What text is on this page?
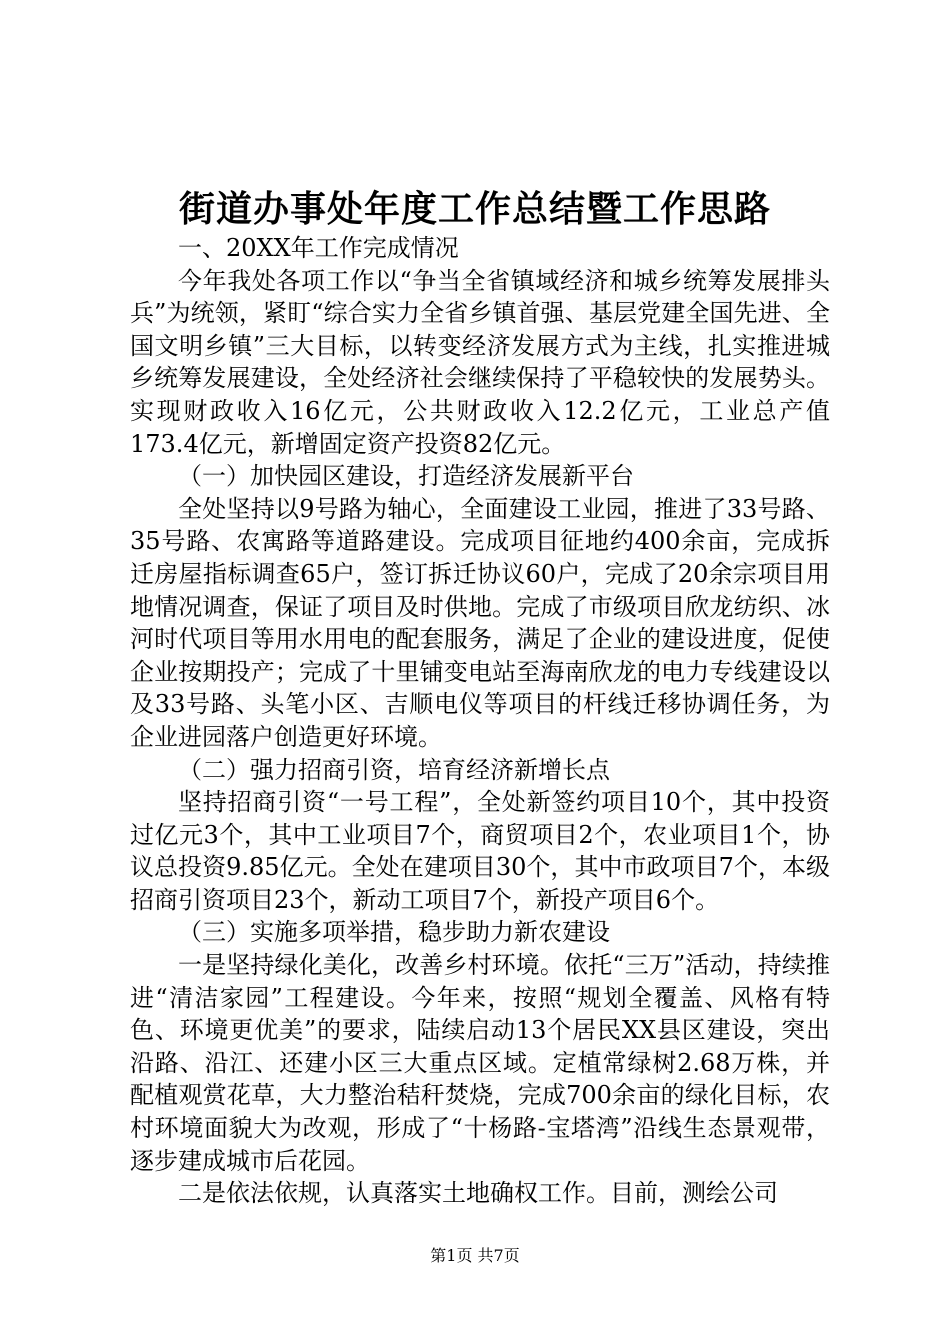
街道办事处年度工作总结暨工作思路

一、20XX年工作完成情况

今年我处各项工作以“争当全省镇域经济和城乡统筹发展排头兵”为统领，紧盯“综合实力全省乡镇首强、基层党建全国先进、全国文明乡镇”三大目标，以转变经济发展方式为主线，扎实推进城乡统筹发展建设，全处经济社会继续保持了平稳较快的发展势头。实现财政收入16亿元，公共财政收入12.2亿元，工业总产值173.4亿元，新增固定资产投资82亿元。

（一）加快园区建设，打造经济发展新平台

全处坚持以9号路为轴心，全面建设工业园，推进了33号路、35号路、农寓路等道路建设。完成项目征地约400余亩，完成拆迁房屋指标调查65户，签订拆迁协议60户，完成了20余宗项目用地情况调查，保证了项目及时供地。完成了市级项目欣龙纺织、冰河时代项目等用水用电的配套服务，满足了企业的建设进度，促使企业按期投产；完成了十里铺变电站至海南欣龙的电力专线建设以及33号路、头笔小区、吉顺电仪等项目的杆线迁移协调任务，为企业进园落户创造更好环境。

（二）强力招商引资，培育经济新增长点

坚持招商引资“一号工程”，全处新签约项目10个，其中投资过亿元3个，其中工业项目7个，商贸项目2个，农业项目1个，协议总投资9.85亿元。全处在建项目30个，其中市政项目7个，本级招商引资项目23个，新动工项目7个，新投产项目6个。

（三）实施多项举措，稳步助力新农建设

一是坚持绿化美化，改善乡村环境。依托“三万”活动，持续推进“清洁家园”工程建设。今年来，按照“规划全覆盖、风格有特色、环境更优美”的要求，陆续启动13个居民XX县区建设，突出沿路、沿江、还建小区三大重点区域。定植常绿树2.68万株，并配植观赏花草，大力整治秸秆焚烧，完成700余亩的绿化目标，农村环境面貌大为改观，形成了“十杨路-宝塔湾”沿线生态景观带，逐步建成城市后花园。

二是依法依规，认真落实土地确权工作。目前，测绘公司

第1页 共7页
